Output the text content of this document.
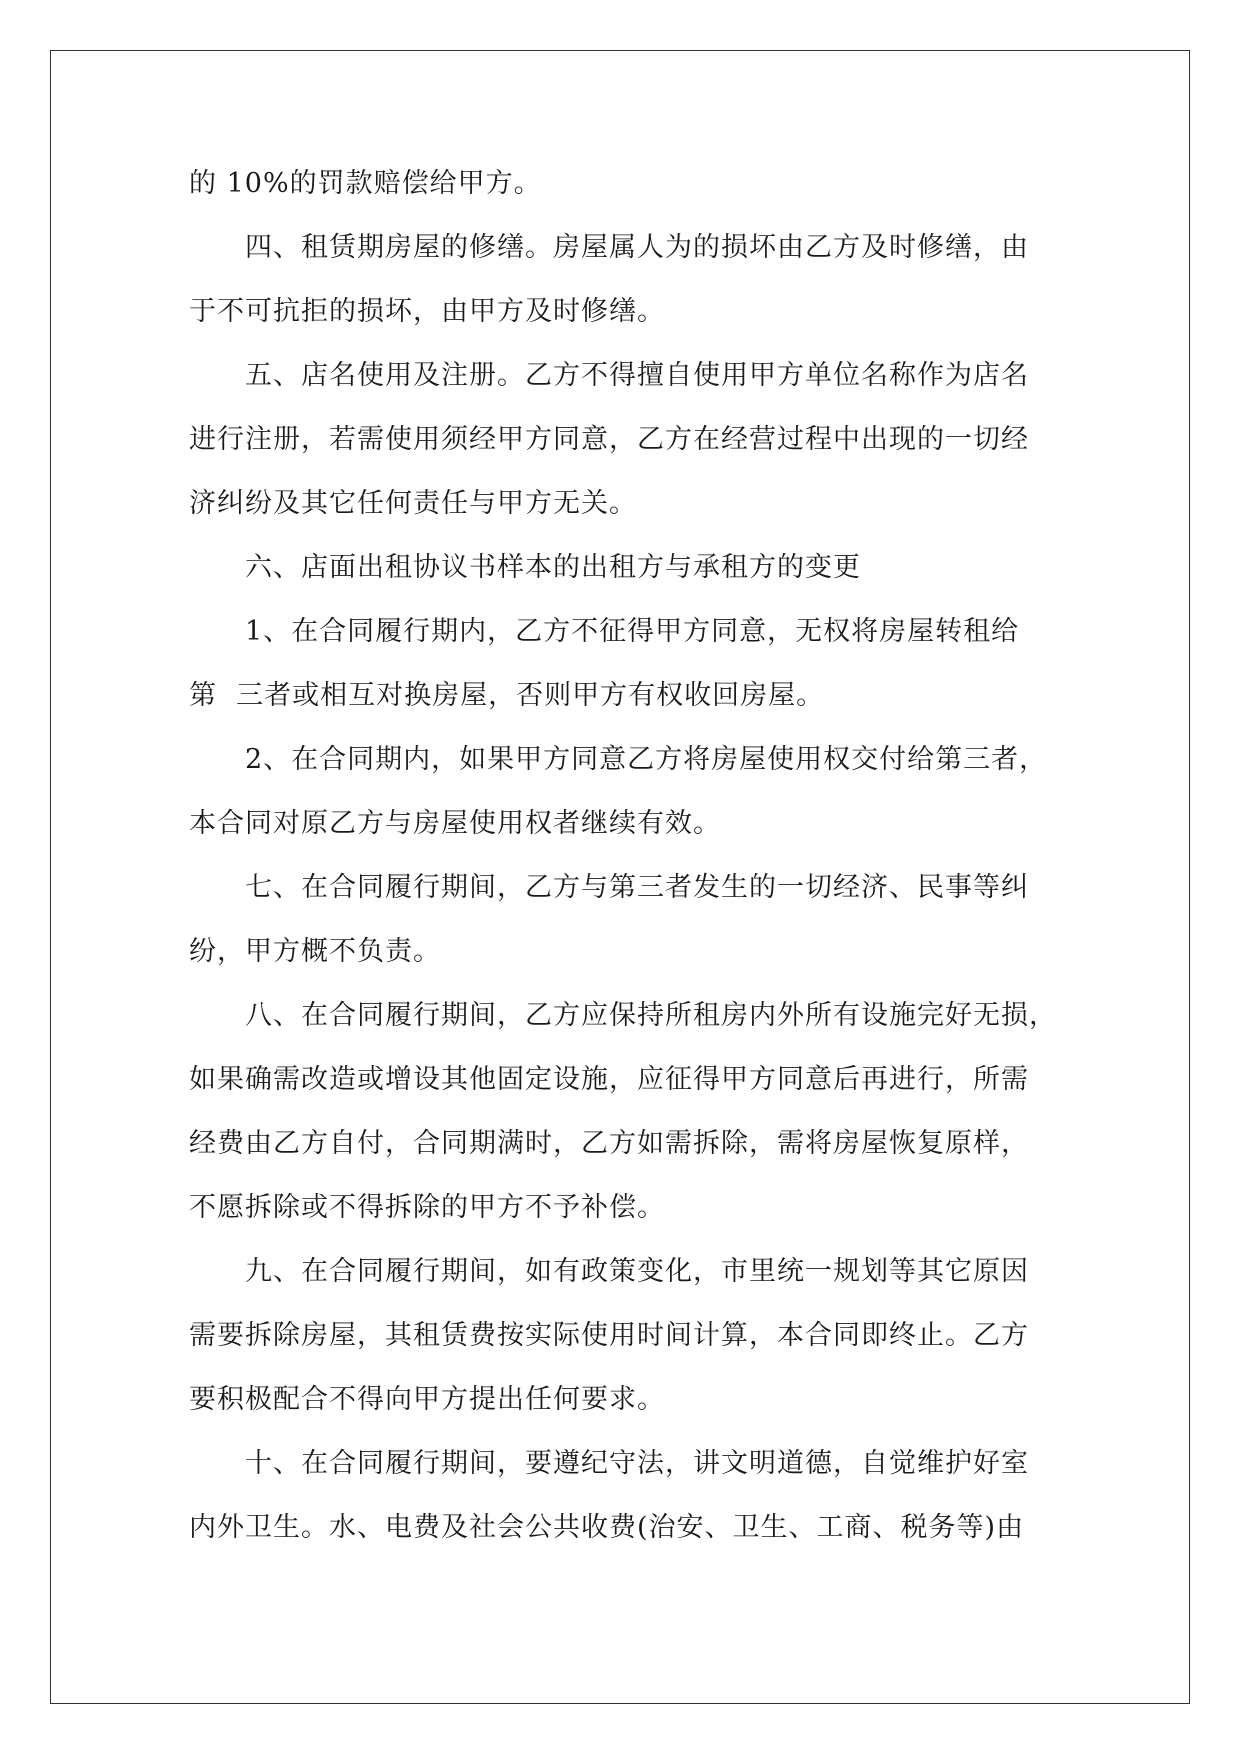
的 10%的罚款赔偿给甲方。
四、租赁期房屋的修缮。房屋属人为的损坏由乙方及时修缮，由
于不可抗拒的损坏，由甲方及时修缮。
五、店名使用及注册。乙方不得擅自使用甲方单位名称作为店名
进行注册，若需使用须经甲方同意，乙方在经营过程中出现的一切经
济纠纷及其它任何责任与甲方无关。
六、店面出租协议书样本的出租方与承租方的变更
1、在合同履行期内，乙方不征得甲方同意，无权将房屋转租给
第  三者或相互对换房屋，否则甲方有权收回房屋。
2、在合同期内，如果甲方同意乙方将房屋使用权交付给第三者，
本合同对原乙方与房屋使用权者继续有效。
七、在合同履行期间，乙方与第三者发生的一切经济、民事等纠
纷，甲方概不负责。
八、在合同履行期间，乙方应保持所租房内外所有设施完好无损，
如果确需改造或增设其他固定设施，应征得甲方同意后再进行，所需
经费由乙方自付，合同期满时，乙方如需拆除，需将房屋恢复原样，
不愿拆除或不得拆除的甲方不予补偿。
九、在合同履行期间，如有政策变化，市里统一规划等其它原因
需要拆除房屋，其租赁费按实际使用时间计算，本合同即终止。乙方
要积极配合不得向甲方提出任何要求。
十、在合同履行期间，要遵纪守法，讲文明道德，自觉维护好室
内外卫生。水、电费及社会公共收费(治安、卫生、工商、税务等)由
